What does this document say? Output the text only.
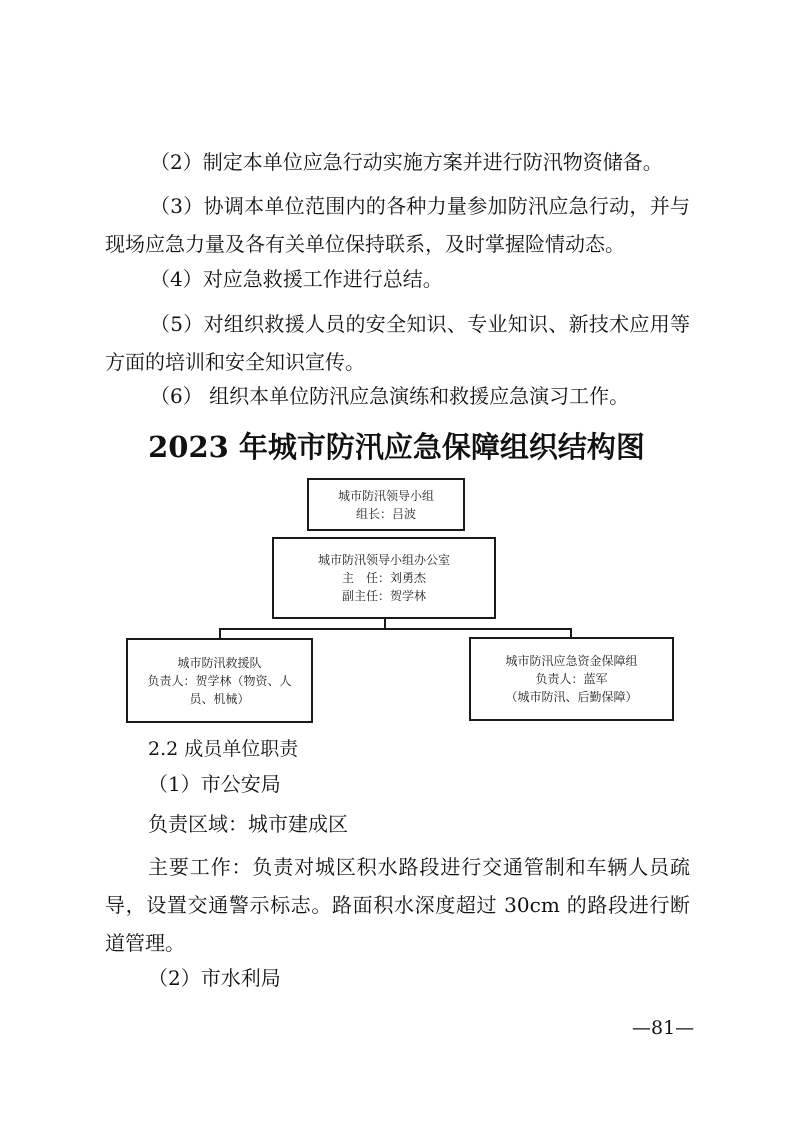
（2）制定本单位应急行动实施方案并进行防汛物资储备。

（3）协调本单位范围内的各种力量参加防汛应急行动，并与现场应急力量及各有关单位保持联系，及时掌握险情动态。

（4）对应急救援工作进行总结。

（5）对组织救援人员的安全知识、专业知识、新技术应用等方面的培训和安全知识宣传。

（6） 组织本单位防汛应急演练和救援应急演习工作。

2023 年城市防汛应急保障组织结构图
城市防汛领导小组
组长：吕波
城市防汛领导小组办公室
主　任：刘勇杰
副主任：贺学林
城市防汛救援队
负责人：贺学林（物资、人员、机械）
城市防汛应急资金保障组
负责人：蓝军
（城市防汛、后勤保障）

2.2 成员单位职责

（1）市公安局

负责区域：城市建成区

主要工作：负责对城区积水路段进行交通管制和车辆人员疏导，设置交通警示标志。路面积水深度超过 30cm 的路段进行断道管理。

（2）市水利局

—81—
